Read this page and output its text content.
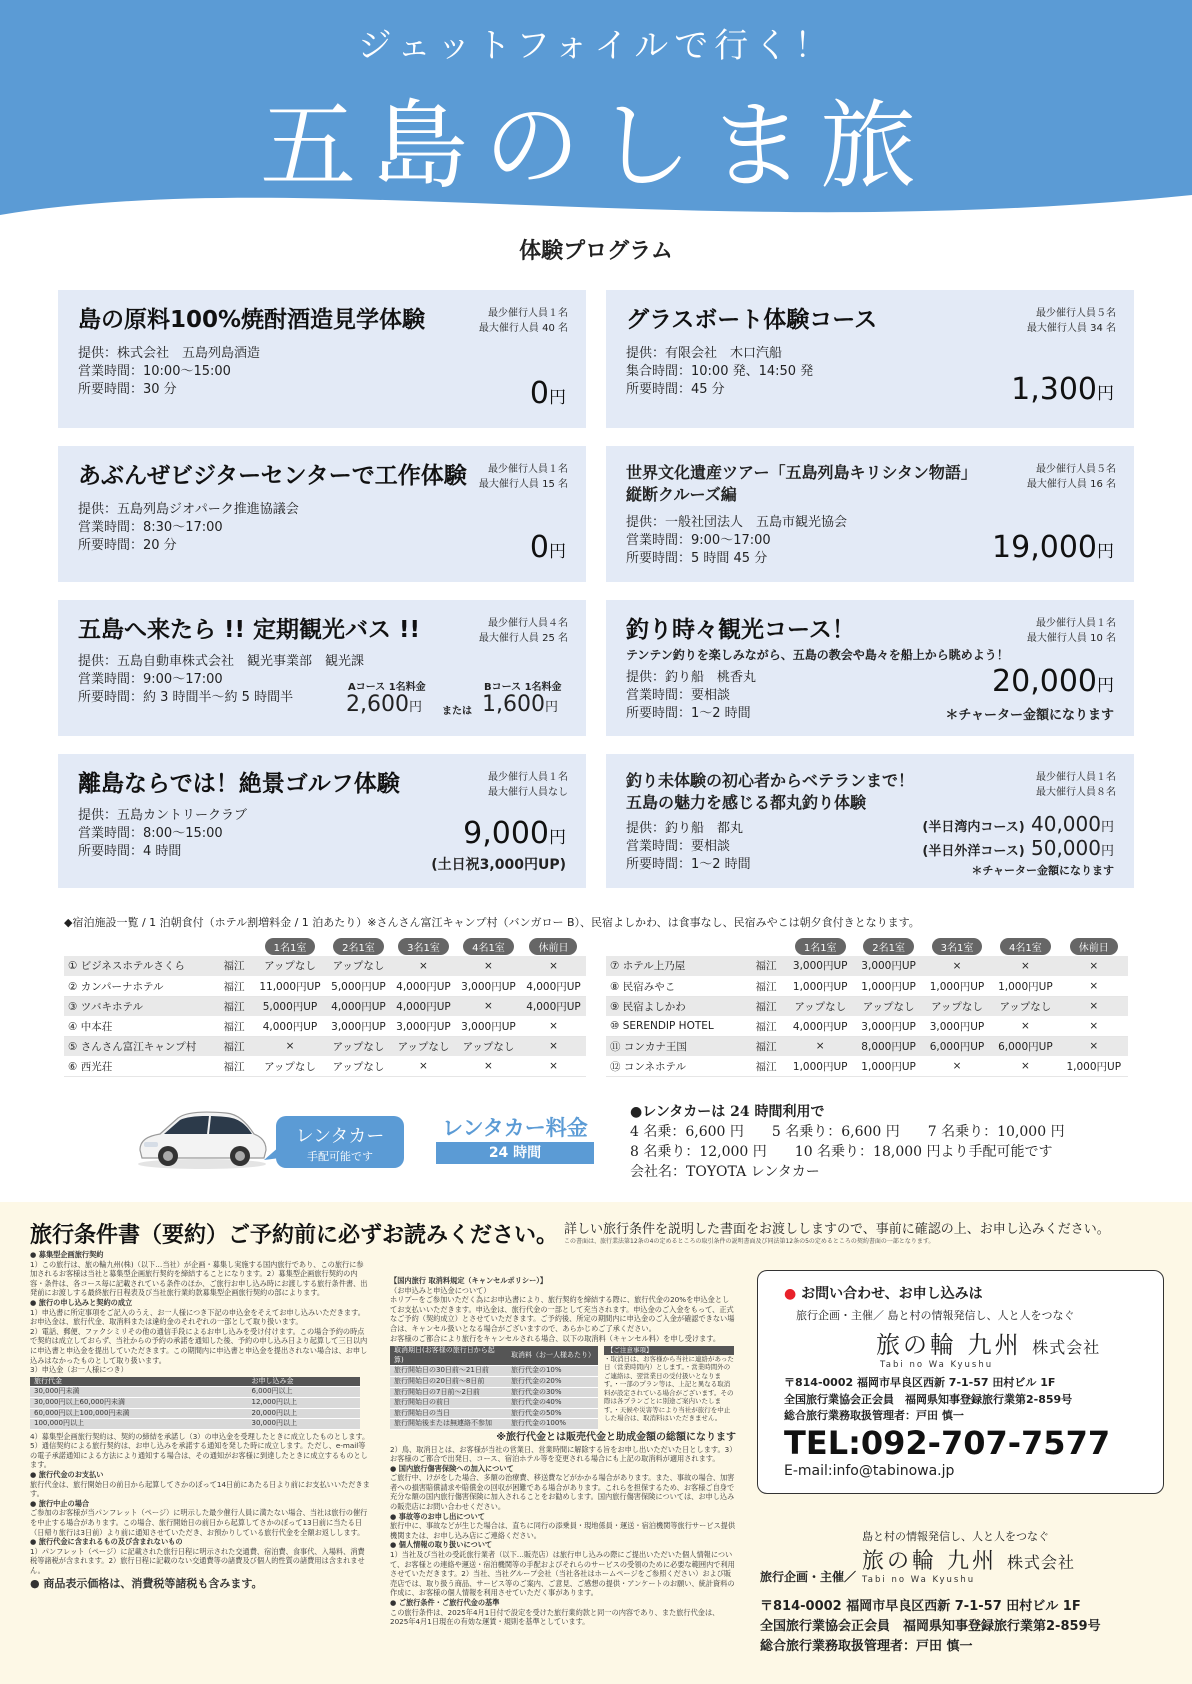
ジェットフォイルで行く！
五島のしま旅
体験プログラム
島の原料100%焼酎酒造見学体験	最少催行人員１名
最大催行人員 40 名
提供：株式会社　五島列島酒造
営業時間：10:00～15:00
所要時間：30 分	0円
グラスボート体験コース	最少催行人員５名
最大催行人員 34 名
提供：有限会社　木口汽船
集合時間：10:00 発、14:50 発
所要時間：45 分	1,300円
あぶんぜビジターセンターで工作体験	最少催行人員１名
最大催行人員 15 名
提供：五島列島ジオパーク推進協議会
営業時間：8:30～17:00
所要時間：20 分	0円
世界文化遺産ツアー「五島列島キリシタン物語」
縦断クルーズ編
最少催行人員５名
最大催行人員 16 名
提供：一般社団法人　五島市観光協会
営業時間：9:00～17:00
所要時間：5 時間 45 分	19,000円
五島へ来たら !! 定期観光バス !!	最少催行人員４名
最大催行人員 25 名
提供：五島自動車株式会社　観光事業部　観光課
営業時間：9:00～17:00
所要時間：約 3 時間半～約 5 時間半
Aコース 1名料金
2,600円 または
Bコース 1名料金
1,600円
釣り時々観光コース！	最少催行人員１名
最大催行人員 10 名
テンテン釣りを楽しみながら、五島の教会や島々を船上から眺めよう！
提供：釣り船　桃香丸
営業時間：要相談
所要時間：1～2 時間
20,000円
＊チャーター金額になります
離島ならでは！絶景ゴルフ体験	最少催行人員１名
最大催行人員なし
提供：五島カントリークラブ
営業時間：8:00～15:00
所要時間：4 時間
9,000円
(土日祝3,000円UP)
釣り未体験の初心者からベテランまで！
五島の魅力を感じる都丸釣り体験
最少催行人員１名
最大催行人員８名
提供：釣り船　都丸
営業時間：要相談
所要時間：1～2 時間
(半日湾内コース) 40,000円
(半日外洋コース) 50,000円
＊チャーター金額になります
◆宿泊施設一覧 / 1 泊朝食付（ホテル割増料金 / 1 泊あたり）※さんさん富江キャンプ村（バンガロー B）、民宿よしかわ、は食事なし、民宿みやこは朝夕食付きとなります。
		1名1室	2名1室	3名1室	4名1室	休前日
① ビジネスホテルさくら	福江	アップなし	アップなし	×	×	×
② カンパーナホテル	福江	11,000円UP	5,000円UP	4,000円UP	3,000円UP	4,000円UP
③ ツバキホテル	福江	5,000円UP	4,000円UP	4,000円UP	×	4,000円UP
④ 中本荘	福江	4,000円UP	3,000円UP	3,000円UP	3,000円UP	×
⑤ さんさん富江キャンプ村	福江	×	アップなし	アップなし	アップなし	×
⑥ 西光荘	福江	アップなし	アップなし	×	×	×
		1名1室	2名1室	3名1室	4名1室	休前日
⑦ ホテル上乃屋	福江	3,000円UP	3,000円UP	×	×	×
⑧ 民宿みやこ	福江	1,000円UP	1,000円UP	1,000円UP	1,000円UP	×
⑨ 民宿よしかわ	福江	アップなし	アップなし	アップなし	アップなし	×
⑩ SERENDIP HOTEL	福江	4,000円UP	3,000円UP	3,000円UP	×	×
⑪ コンカナ王国	福江	×	8,000円UP	6,000円UP	6,000円UP	×
⑫ コンネホテル	福江	1,000円UP	1,000円UP	×	×	1,000円UP
レンタカー
手配可能です
レンタカー料金
24 時間
●レンタカーは 24 時間利用で
4 名乗：6,600 円　　5 名乗り：6,600 円　　7 名乗り：10,000 円
8 名乗り：12,000 円　　10 名乗り：18,000 円より手配可能です
会社名：TOYOTA レンタカー
旅行条件書（要約）ご予約前に必ずお読みください。 詳しい旅行条件を説明した書面をお渡ししますので、事前に確認の上、お申し込みください。
この書面は、旅行業法第12条の4の定めるところの取引条件の説明書面及び同法第12条の5の定めるところの契約書面の一部となります。
● 募集型企画旅行契約
1）この旅行は、旅の輪九州(株)（以下…当社）が企画・募集し実施する国内旅行であり、この旅行に参加されるお客様は当社と募集型企画旅行契約を締結することになります。2）募集型企画旅行契約の内容・条件は、各コース毎に記載されている条件のほか、ご旅行お申し込み時にお渡しする旅行条件書、出発前にお渡しする最終旅行日程表及び当社旅行業約款募集型企画旅行契約の部によります。
● 旅行の申し込みと契約の成立
1）申込書に所定事項をご記入のうえ、お一人様につき下記の申込金をそえてお申し込みいただきます。お申込金は、旅行代金、取消料または違約金のそれぞれの一部として取り扱います。
2）電話、郵便、ファクシミリその他の通信手段によるお申し込みを受け付けます。この場合予約の時点で契約は成立しておらず、当社からの予約の承諾を通知した後、予約の申し込み日より起算して三日以内に申込書と申込金を提出していただきます。この期間内に申込書と申込金を提出されない場合は、お申し込みはなかったものとして取り扱います。
3）申込金（お一人様につき）
旅行代金	お申し込み金
30,000円未満	6,000円以上
30,000円以上60,000円未満	12,000円以上
60,000円以上100,000円未満	20,000円以上
100,000円以上	30,000円以上
4）募集型企画旅行契約は、契約の締結を承諾し（3）の申込金を受理したときに成立したものとします。
5）通信契約による旅行契約は、お申し込みを承諾する通知を発した時に成立します。ただし、e-mail等の電子承諾通知による方法により通知する場合は、その通知がお客様に到達したときに成立するものとします。
● 旅行代金のお支払い
旅行代金は、旅行開始日の前日から起算してさかのぼって14日前にあたる日より前にお支払いいただきます。
● 旅行中止の場合
ご参加のお客様が当パンフレット（ページ）に明示した最少催行人員に満たない場合、当社は旅行の催行を中止する場合があります。この場合、旅行開始日の前日から起算してさかのぼって13日前に当たる日（日帰り旅行は3日前）より前に通知させていただき、お預かりしている旅行代金を全額お返しします。
● 旅行代金に含まれるもの及び含まれないもの
1）パンフレット（ページ）に記載された旅行日程に明示された交通費、宿泊費、食事代、入場料、消費税等諸税が含まれます。2）旅行日程に記載のない交通費等の諸費及び個人的性質の諸費用は含まれません。
● 商品表示価格は、消費税等諸税も含みます。
【国内旅行 取消料規定（キャンセルポリシー）】
（お申込みと申込金について）
ホリプーをご参加いただく為にお申込書により、旅行契約を締結する際に、旅行代金の20%を申込金としてお支払いいただきます。申込金は、旅行代金の一部として充当されます。申込金のご入金をもって、正式なご予約（契約成立）とさせていただきます。ご予約後、所定の期間内に申込金のご入金が確認できない場合は、キャンセル扱いとなる場合がございますので、あらかじめご了承ください。
お客様のご都合により旅行をキャンセルされる場合、以下の取消料（キャンセル料）を申し受けます。
取消期日(お客様の旅行日から起算)	取消料（お一人様あたり）
旅行開始日の30日前～21日前	旅行代金の10%
旅行開始日の20日前～8日前	旅行代金の20%
旅行開始日の7日前～2日前	旅行代金の30%
旅行開始日の前日	旅行代金の40%
旅行開始日の当日	旅行代金の50%
旅行開始後または無連絡不参加	旅行代金の100%
【ご注意事項】
・取消日は、お客様から当社に連絡があった日（営業時間内）とします。・営業時間外のご連絡は、翌営業日の受付扱いとなります。・一部のプラン等は、上記と異なる取消料が設定されている場合がございます。その際は各プランごとに別途ご案内いたします。・天候や災害等により当社が旅行を中止した場合は、取消料はいただきません。
※旅行代金とは販売代金と助成金額の総額になります
2）鳥、取消日とは、お客様が当社の営業日、営業時間に解除する旨をお申し出いただいた日とします。3）お客様のご都合で出発日、コース、宿泊ホテル等を変更される場合にも上記の取消料が適用されます。
● 国内旅行傷害保険への加入について
ご旅行中、けがをした場合、多額の治療費、移送費などがかかる場合があります。また、事故の場合、加害者への損害賠償請求や賠償金の回収が困難である場合があります。これらを担保するため、お客様ご自身で充分な額の国内旅行傷害保険に加入されることをお勧めします。国内旅行傷害保険については、お申し込みの販売店にお問い合わせください。
● 事故等のお申し出について
旅行中に、事故などが生じた場合は、直ちに同行の添乗員・現地係員・運送・宿泊機関等旅行サービス提供機関または、お申し込み店にご連絡ください。
● 個人情報の取り扱いについて
1）当社及び当社の受託旅行業者（以下…販売店）は旅行申し込みの際にご提出いただいた個人情報について、お客様との連絡や運送・宿泊機関等の手配およびそれらのサービスの受領のために必要な範囲内で利用させていただきます。2）当社、当社グループ会社（当社各社はホームページをご参照ください）および販売店では、取り扱う商品、サービス等のご案内、ご意見、ご感想の提供・アンケートのお願い、統計資料の作成に、お客様の個人情報を利用させていただく事があります。
● ご旅行条件・ご旅行代金の基準
この旅行条件は、2025年4月1日付で設定を受けた旅行業約款と同一の内容であり、また旅行代金は、2025年4月1日現在の有効な運賃・規則を基準としています。
● お問い合わせ、お申し込みは
旅行企画・主催／ 島と村の情報発信し、人と人をつなぐ
旅の輪 九州 株式会社
Tabi no Wa Kyushu
〒814-0002 福岡市早良区西新 7-1-57 田村ビル 1F
全国旅行業協会正会員　福岡県知事登録旅行業第2-859号
総合旅行業務取扱管理者：戸田 慎一
TEL:092-707-7577
E-mail:info@tabinowa.jp
旅行企画・主催／
島と村の情報発信し、人と人をつなぐ
旅の輪 九州 株式会社
Tabi no Wa Kyushu
〒814-0002 福岡市早良区西新 7-1-57 田村ビル 1F
全国旅行業協会正会員　福岡県知事登録旅行業第2-859号
総合旅行業務取扱管理者：戸田 慎一
